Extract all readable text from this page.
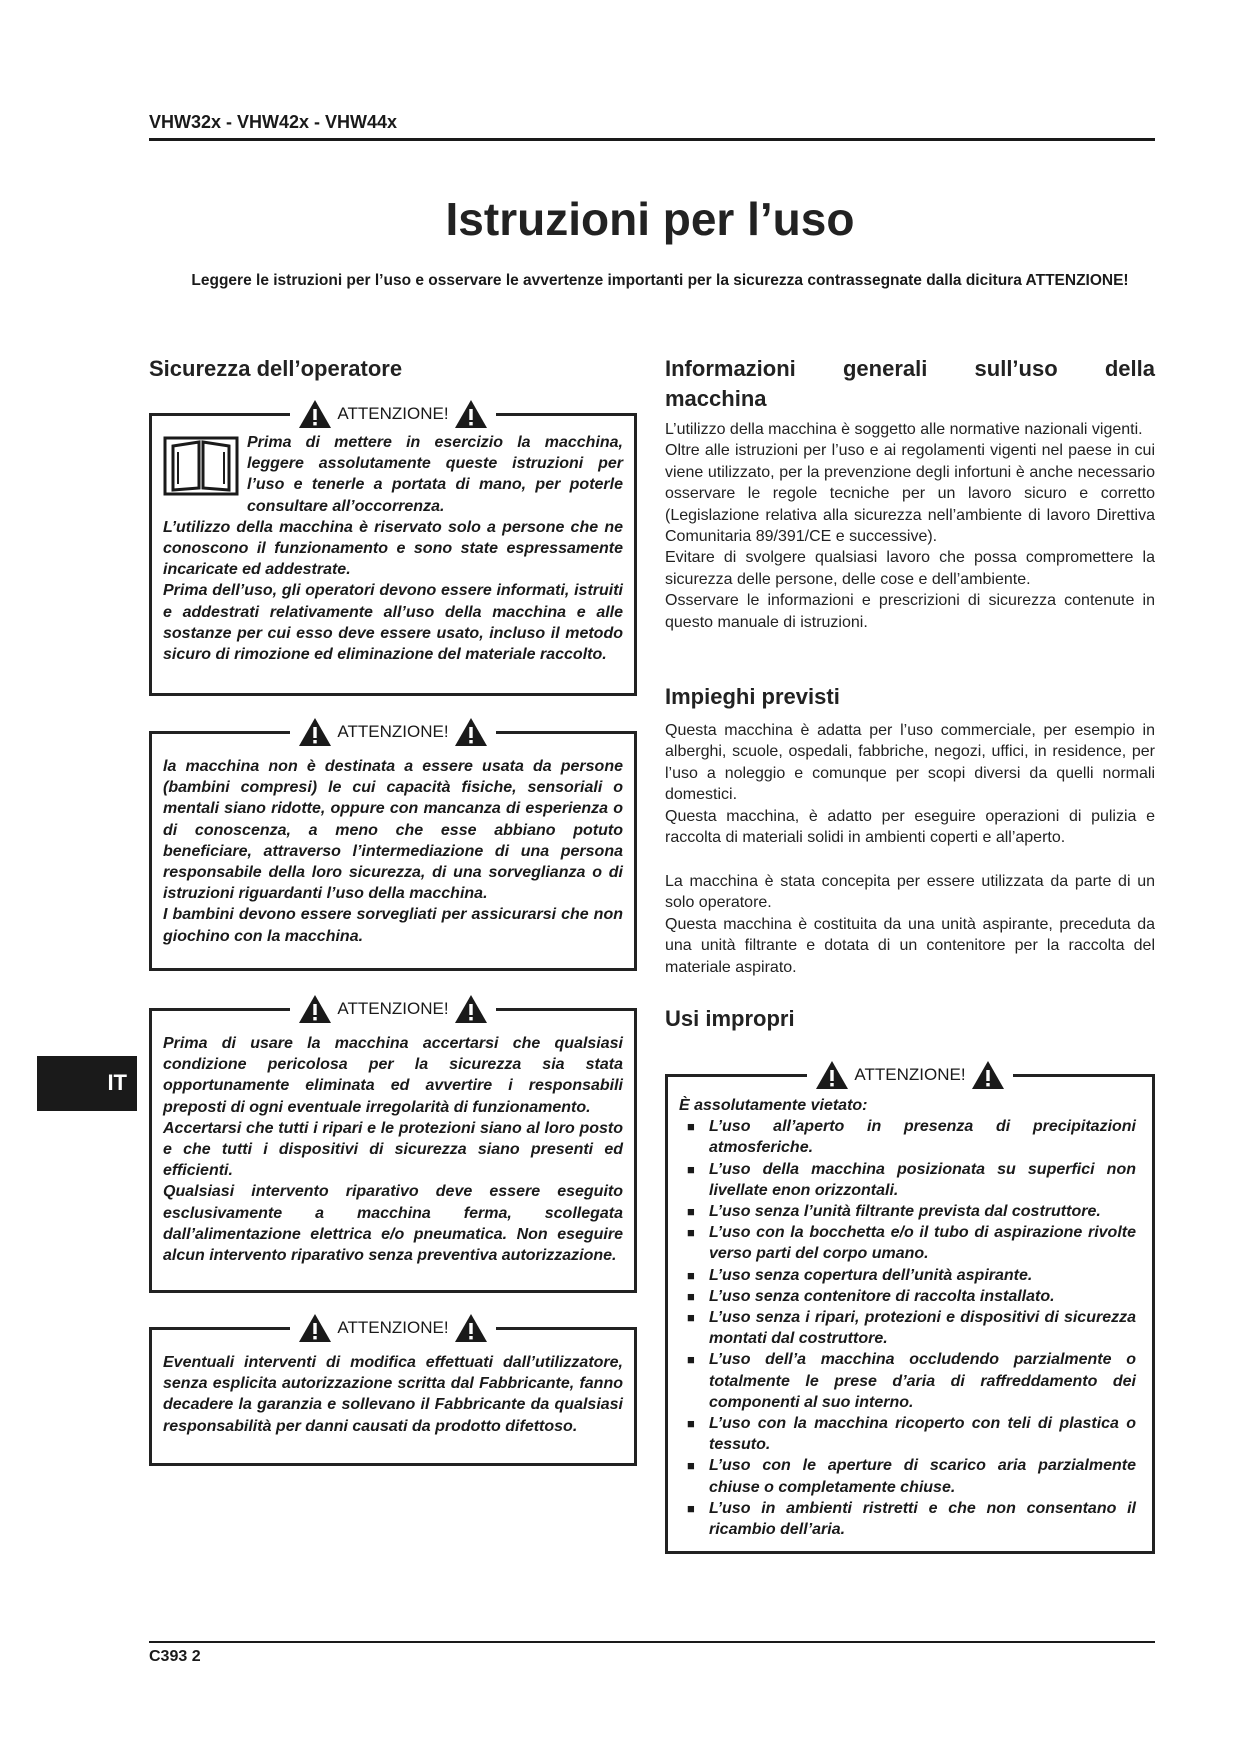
VHW32x - VHW42x - VHW44x
Istruzioni per l’uso
Leggere le istruzioni per l’uso e osservare le avvertenze importanti per la sicurezza contrassegnate dalla dicitura ATTENZIONE!
Sicurezza dell’operatore
ATTENZIONE!
Prima di mettere in esercizio la macchina, leggere assolutamente queste istruzioni per l’uso e tenerle a portata di mano, per poterle consultare all’occorrenza.
L’utilizzo della macchina è riservato solo a persone che ne conoscono il funzionamento e sono state espressamente incaricate ed addestrate.
Prima dell’uso, gli operatori devono essere informati, istruiti e addestrati relativamente all’uso della macchina e alle sostanze per cui esso deve essere usato, incluso il metodo sicuro di rimozione ed eliminazione del materiale raccolto.
ATTENZIONE!
la macchina non è destinata a essere usata da persone (bambini compresi) le cui capacità fisiche, sensoriali o mentali siano ridotte, oppure con mancanza di esperienza o di conoscenza, a meno che esse abbiano potuto beneficiare, attraverso l’intermediazione di una persona responsabile della loro sicurezza, di una sorveglianza o di istruzioni riguardanti l’uso della macchina.
I bambini devono essere sorvegliati per assicurarsi che non giochino con la macchina.
ATTENZIONE!
Prima di usare la macchina accertarsi che qualsiasi condizione pericolosa per la sicurezza sia stata opportunamente eliminata ed avvertire i responsabili preposti di ogni eventuale irregolarità di funzionamento.
Accertarsi che tutti i ripari e le protezioni siano al loro posto e che tutti i dispositivi di sicurezza siano presenti ed efficienti.
Qualsiasi intervento riparativo deve essere eseguito esclusivamente a macchina ferma, scollegata dall’alimentazione elettrica e/o pneumatica. Non eseguire alcun intervento riparativo senza preventiva autorizzazione.
ATTENZIONE!
Eventuali interventi di modifica effettuati dall’utilizzatore, senza esplicita autorizzazione scritta dal Fabbricante, fanno decadere la garanzia e sollevano il Fabbricante da qualsiasi responsabilità per danni causati da prodotto difettoso.
Informazioni generali sull’uso della

macchina
L’utilizzo della macchina è soggetto alle normative nazionali vigenti.
Oltre alle istruzioni per l’uso e ai regolamenti vigenti nel paese in cui viene utilizzato, per la prevenzione degli infortuni è anche necessario osservare le regole tecniche per un lavoro sicuro e corretto (Legislazione relativa alla sicurezza nell’ambiente di lavoro Direttiva Comunitaria 89/391/CE e successive).
Evitare di svolgere qualsiasi lavoro che possa compromettere la sicurezza delle persone, delle cose e dell’ambiente.
Osservare le informazioni e prescrizioni di sicurezza contenute in questo manuale di istruzioni.
Impieghi previsti
Questa macchina è adatta per l’uso commerciale, per esempio in alberghi, scuole, ospedali, fabbriche, negozi, uffici, in residence, per l’uso a noleggio e comunque per scopi diversi da quelli normali domestici.
Questa macchina, è adatto per eseguire operazioni di pulizia e raccolta di materiali solidi in ambienti coperti e all’aperto.
La macchina è stata concepita per essere utilizzata da parte di un solo operatore.
Questa macchina è costituita da una unità aspirante, preceduta da una unità filtrante e dotata di un contenitore per la raccolta del materiale aspirato.
Usi impropri
ATTENZIONE!
È assolutamente vietato:
■ L’uso all’aperto in presenza di precipitazioni atmosferiche.
■ L’uso della macchina posizionata su superfici non livellate enon orizzontali.
■ L’uso senza l’unità filtrante prevista dal costruttore.
■ L’uso con la bocchetta e/o il tubo di aspirazione rivolte verso parti del corpo umano.
■ L’uso senza copertura dell’unità aspirante.
■ L’uso senza contenitore di raccolta installato.
■ L’uso senza i ripari, protezioni e dispositivi di sicurezza montati dal costruttore.
■ L’uso dell’a macchina occludendo parzialmente o totalmente le prese d’aria di raffreddamento dei componenti al suo interno.
■ L’uso con la macchina ricoperto con teli di plastica o tessuto.
■ L’uso con le aperture di scarico aria parzialmente chiuse o completamente chiuse.
■ L’uso in ambienti ristretti e che non consentano il ricambio dell’aria.
IT
C393 2
